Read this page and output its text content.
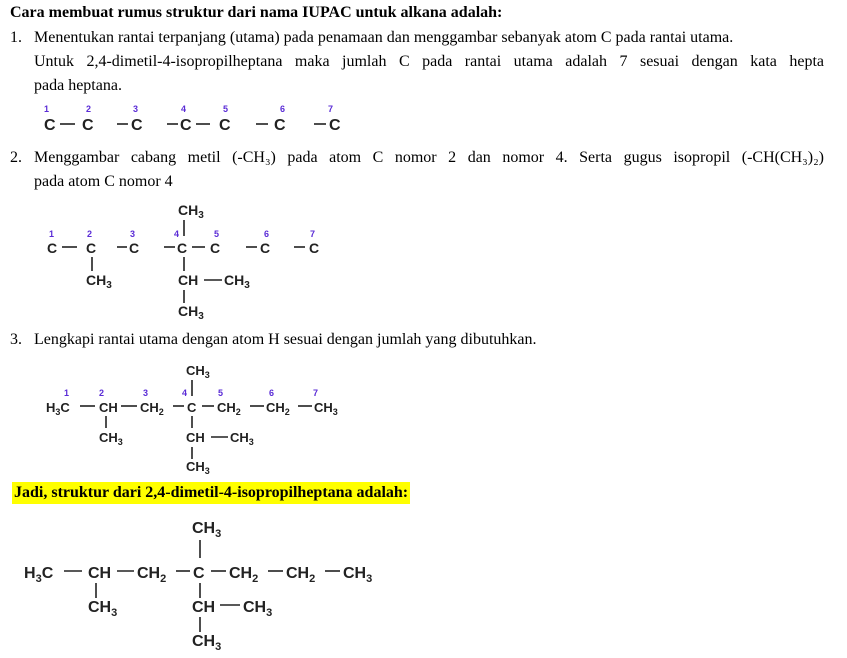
Cara membuat rumus struktur dari nama IUPAC untuk alkana adalah:
1. Menentukan rantai terpanjang (utama) pada penamaan dan menggambar sebanyak atom C pada rantai utama.
Untuk 2,4-dimetil-4-isopropilheptana maka jumlah C pada rantai utama adalah 7 sesuai dengan kata hepta
pada heptana.
2. Menggambar cabang metil (-CH₃) pada atom C nomor 2 dan nomor 4. Serta gugus isopropil (-CH(CH₃)₂)
pada atom C nomor 4
3. Lengkapi rantai utama dengan atom H sesuai dengan jumlah yang dibutuhkan.
Jadi, struktur dari 2,4-dimetil-4-isopropilheptana adalah:
1	2	3	4	5	6	7
C C C C C	C	C
$CH_3$
1	2	3	4	5	6	7
C C C	C C	C	C
$CH_3$	CH $CH_3$
$CH_3$
$CH_3$
1	2	3	4	5	6	7
$H_3C$ CH $CH_2$ C $CH_2$ $CH_2$ $CH_3$
$CH_3$	CH $CH_3$
$CH_3$
$CH_3$
$H_3C$ CH $CH_2$ C $CH_2$ $CH_2$ $CH_3$
$CH_3$	CH $CH_3$
$CH_3$
